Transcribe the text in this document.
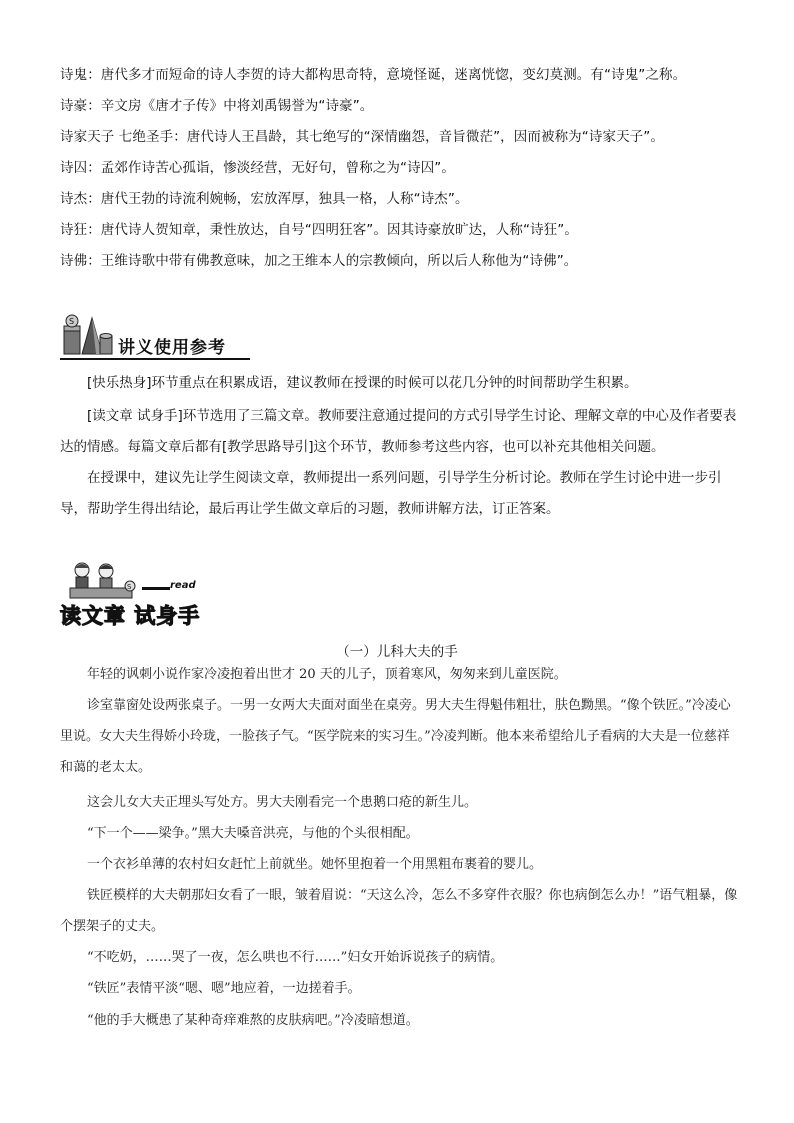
诗鬼：唐代多才而短命的诗人李贺的诗大都构思奇特，意境怪诞，迷离恍惚，变幻莫测。有“诗鬼”之称。
诗豪：辛文房《唐才子传》中将刘禹锡誉为“诗豪”。
诗家天子 七绝圣手：唐代诗人王昌龄，其七绝写的“深情幽怨，音旨微茫”，因而被称为“诗家天子”。
诗囚：孟郊作诗苦心孤诣，惨淡经营，无好句，曾称之为“诗囚”。
诗杰：唐代王勃的诗流利婉畅，宏放浑厚，独具一格，人称“诗杰”。
诗狂：唐代诗人贺知章，秉性放达，自号“四明狂客”。因其诗豪放旷达，人称“诗狂”。
诗佛：王维诗歌中带有佛教意味，加之王维本人的宗教倾向，所以后人称他为“诗佛”。
S
讲义使用参考
[快乐热身]环节重点在积累成语，建议教师在授课的时候可以花几分钟的时间帮助学生积累。
[读文章 试身手]环节选用了三篇文章。教师要注意通过提问的方式引导学生讨论、理解文章的中心及作者要表达的情感。每篇文章后都有[教学思路导引]这个环节，教师参考这些内容，也可以补充其他相关问题。
在授课中，建议先让学生阅读文章，教师提出一系列问题，引导学生分析讨论。教师在学生讨论中进一步引导，帮助学生得出结论，最后再让学生做文章后的习题，教师讲解方法，订正答案。
S	read
读文章 试身手
（一）儿科大夫的手
年轻的讽刺小说作家冷凌抱着出世才 20 天的儿子，顶着寒风，匆匆来到儿童医院。
诊室靠窗处设两张桌子。一男一女两大夫面对面坐在桌旁。男大夫生得魁伟粗壮，肤色黝黑。“像个铁匠。”冷凌心里说。女大夫生得娇小玲珑，一脸孩子气。“医学院来的实习生。”冷凌判断。他本来希望给儿子看病的大夫是一位慈祥和蔼的老太太。
这会儿女大夫正埋头写处方。男大夫刚看完一个患鹅口疮的新生儿。
“下一个——梁争。”黑大夫嗓音洪亮，与他的个头很相配。
一个衣衫单薄的农村妇女赶忙上前就坐。她怀里抱着一个用黑粗布裹着的婴儿。
铁匠模样的大夫朝那妇女看了一眼，皱着眉说：“天这么冷，怎么不多穿件衣服？你也病倒怎么办！”语气粗暴，像个摆架子的丈夫。
“不吃奶，……哭了一夜，怎么哄也不行……”妇女开始诉说孩子的病情。
“铁匠”表情平淡“嗯、嗯”地应着，一边搓着手。
“他的手大概患了某种奇痒难熬的皮肤病吧。”冷凌暗想道。
